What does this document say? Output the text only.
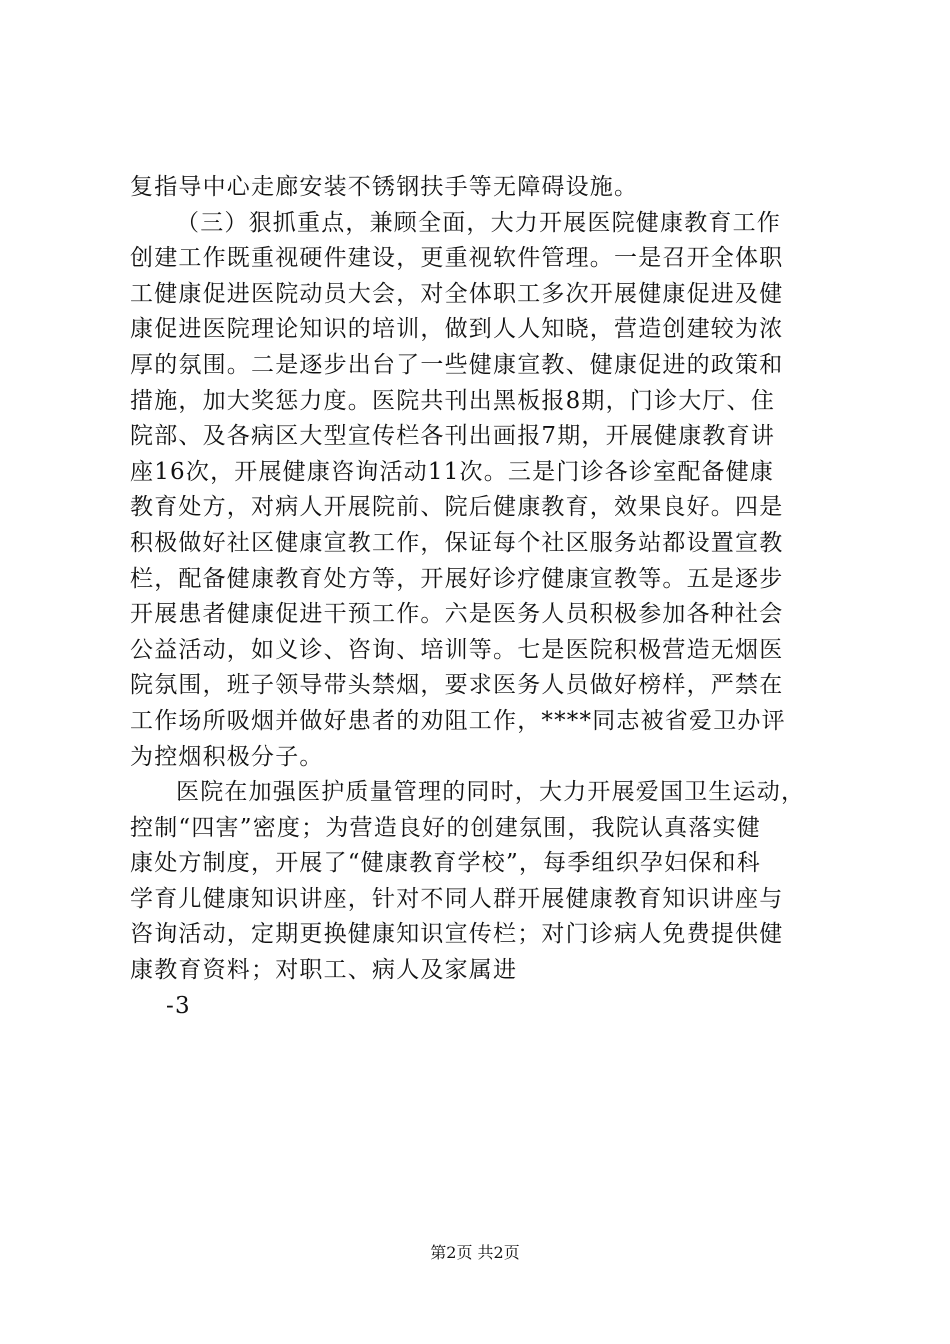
复指导中心走廊安装不锈钢扶手等无障碍设施。
（三）狠抓重点，兼顾全面，大力开展医院健康教育工作
创建工作既重视硬件建设，更重视软件管理。一是召开全体职
工健康促进医院动员大会，对全体职工多次开展健康促进及健
康促进医院理论知识的培训，做到人人知晓，营造创建较为浓
厚的氛围。二是逐步出台了一些健康宣教、健康促进的政策和
措施，加大奖惩力度。医院共刊出黑板报8期，门诊大厅、住
院部、及各病区大型宣传栏各刊出画报7期，开展健康教育讲
座16次，开展健康咨询活动11次。三是门诊各诊室配备健康
教育处方，对病人开展院前、院后健康教育，效果良好。四是
积极做好社区健康宣教工作，保证每个社区服务站都设置宣教
栏，配备健康教育处方等，开展好诊疗健康宣教等。五是逐步
开展患者健康促进干预工作。六是医务人员积极参加各种社会
公益活动，如义诊、咨询、培训等。七是医院积极营造无烟医
院氛围，班子领导带头禁烟，要求医务人员做好榜样，严禁在
工作场所吸烟并做好患者的劝阻工作，****同志被省爱卫办评
为控烟积极分子。
医院在加强医护质量管理的同时，大力开展爱国卫生运动，
控制“四害”密度；为营造良好的创建氛围，我院认真落实健
康处方制度，开展了“健康教育学校”，每季组织孕妇保和科
学育儿健康知识讲座，针对不同人群开展健康教育知识讲座与
咨询活动，定期更换健康知识宣传栏；对门诊病人免费提供健
康教育资料；对职工、病人及家属进
-3
第2页 共2页
